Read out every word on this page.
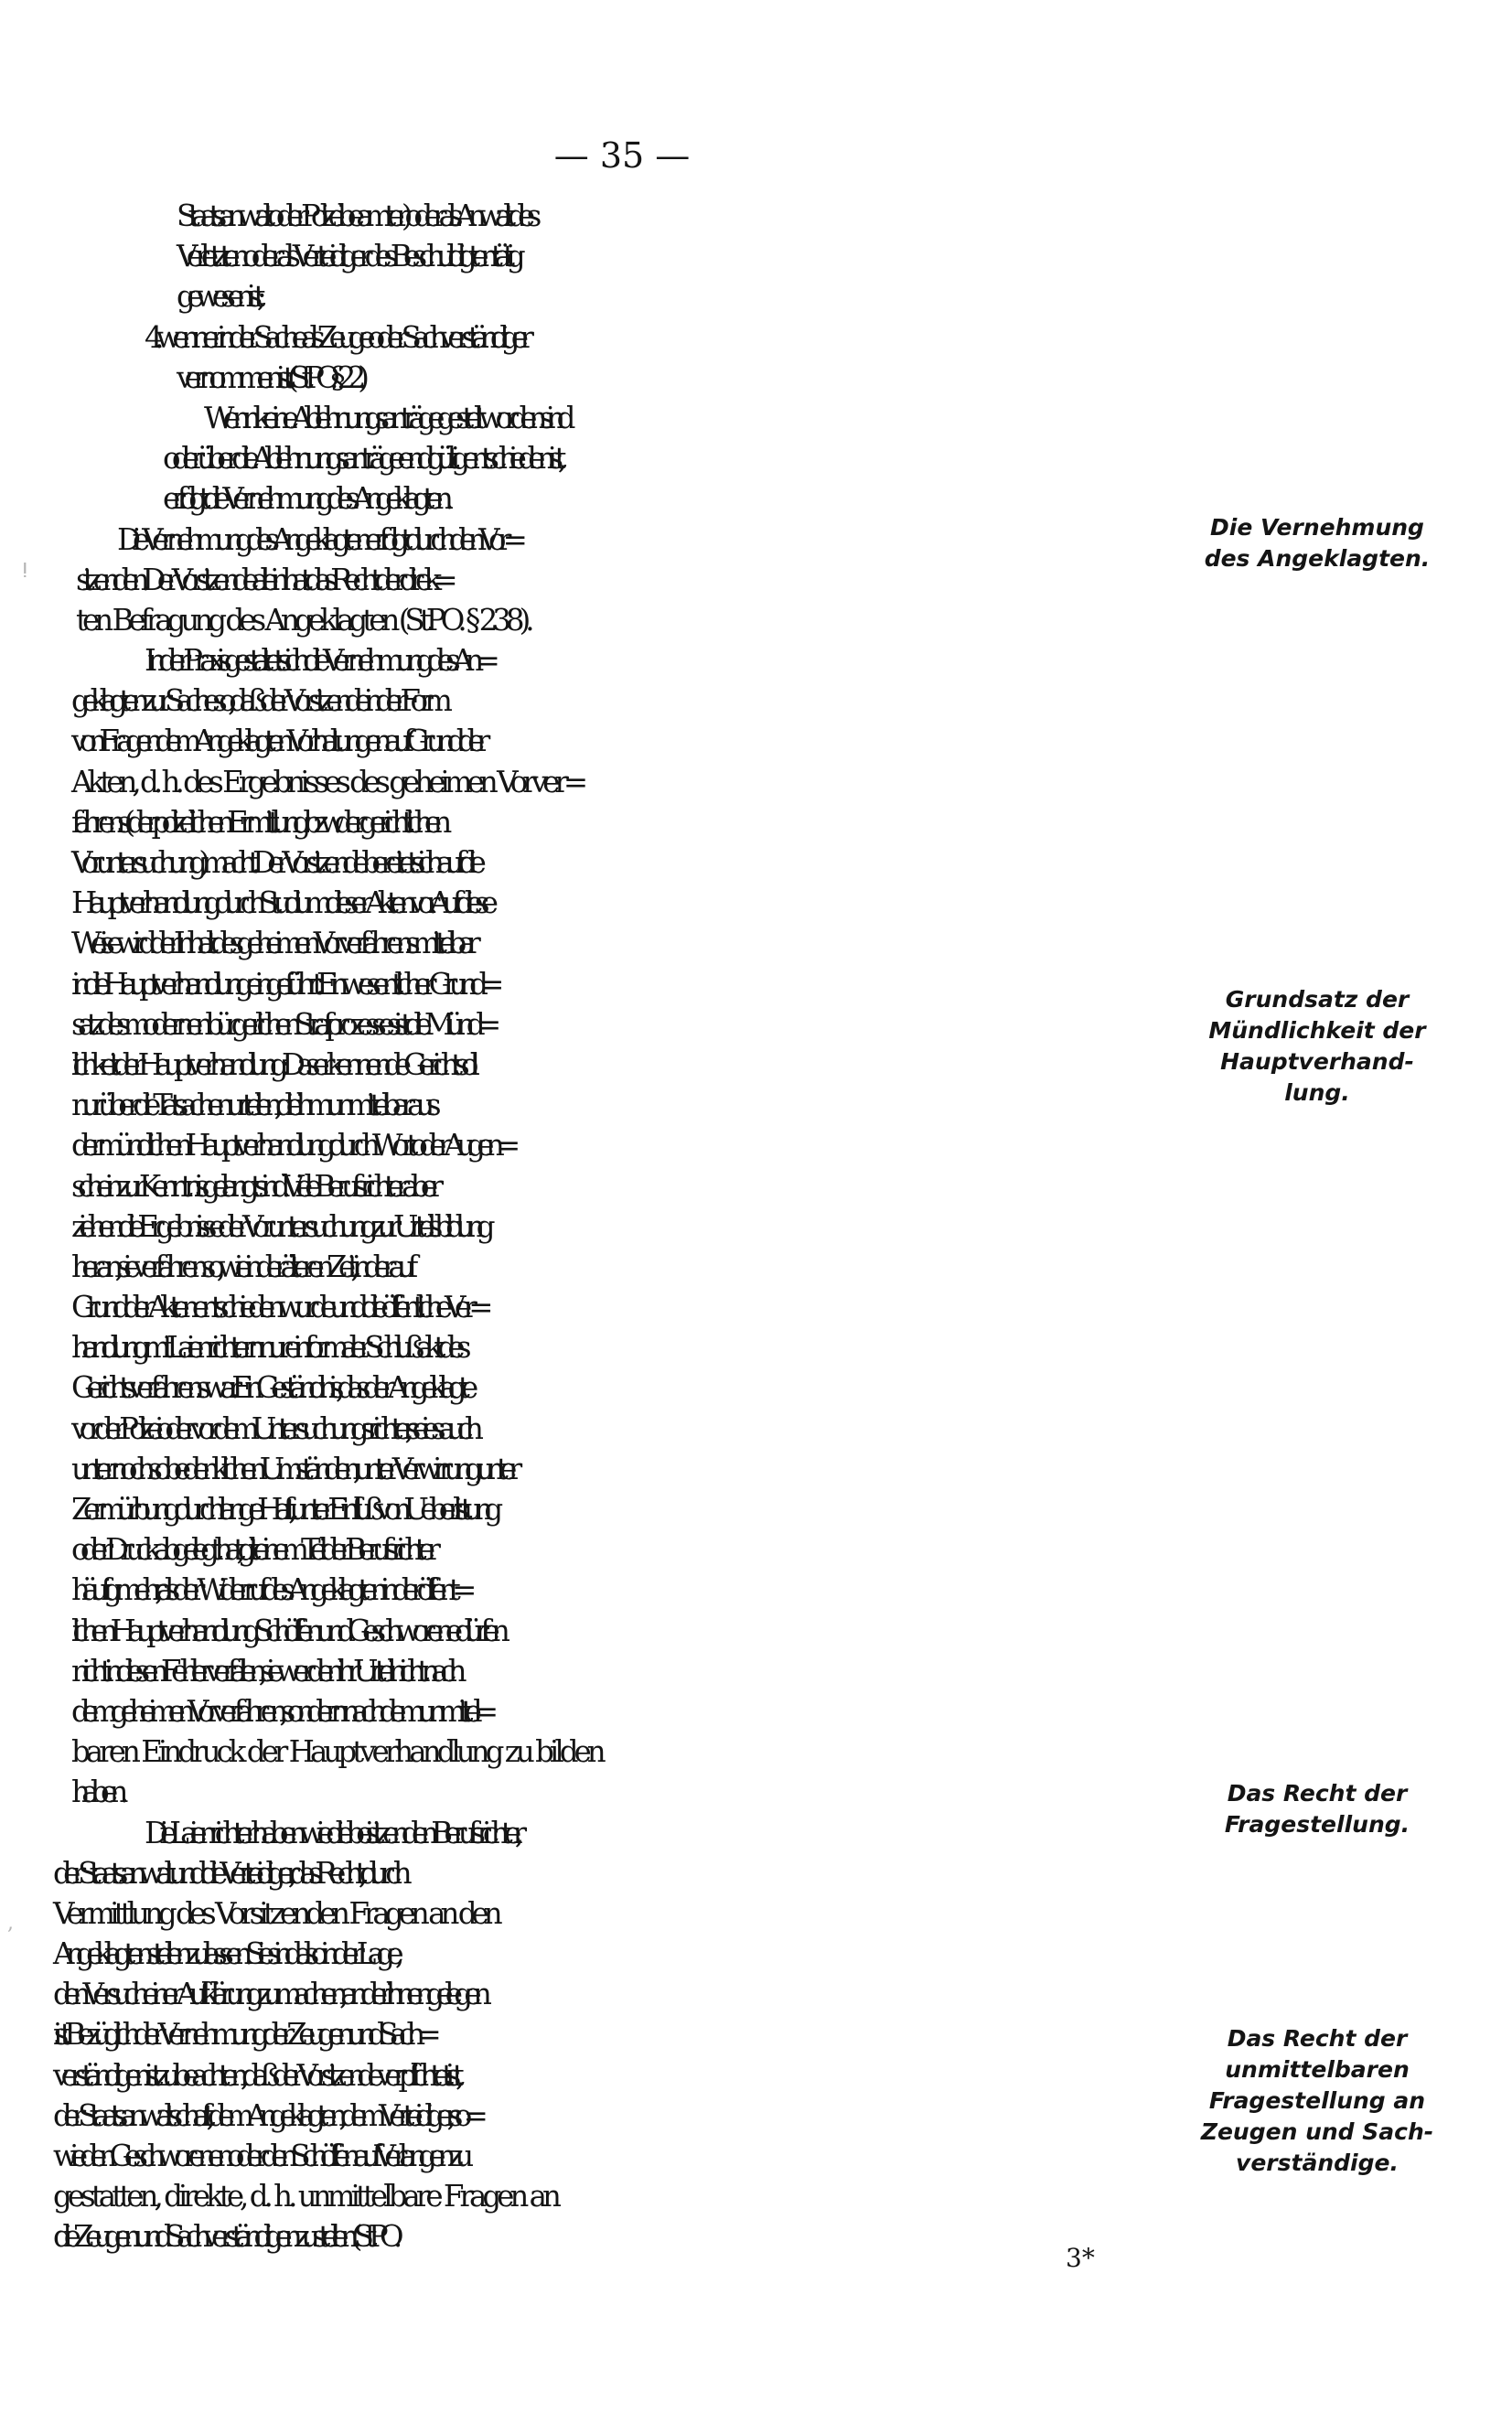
— 35 —
Staatsanwalt oder Polizeibeamter) oder als Anwalt des
Verletzten oder als Verteidiger des Beschuldigten tätig
gewesen ist;
4. wenn er in der Sache als Zeuge oder Sachverständiger
vernommen ist. (StPO. § 22.)
Wenn keine Ablehnungsanträge gestellt worden sind
oder über die Ablehnungsanträge endgültig entschieden ist,
erfolgt die Vernehmung des Angeklagten.
Die Vernehmung des Angeklagten erfolgt durch den Vor=
sitzenden. Der Vorsitzende allein hat das Recht der direk=
ten Befragung des Angeklagten (StPO. § 238).
In der Praxis gestaltet sich die Vernehmung des An=
geklagten zur Sache so, daß der Vorsitzende in der Form
von Fragen dem Angeklagten Vorhaltungen auf Grund der
Akten, d. h. des Ergebnisses des geheimen Vorver=
fahrens (der polizeilichen Ermittlung bzw. der gerichtlichen
Voruntersuchung) macht. Der Vorsitzende bereitet sich auf die
Hauptverhandlung durch Studium dieser Akten vor. Auf diese
Weise wird der Inhalt des geheimen Vorverfahrens mittelbar
in die Hauptverhandlung eingeführt. Ein wesentlicher Grund=
satz des modernen bürgerlichen Strafprozesses ist die Münd=
lichkeit der Hauptverhandlung: Das erkennende Gericht soll
nur über die Tatsachen urteilen, die ihm unmittelbar aus
der mündlichen Hauptverhandlung durch Wort oder Augen=
schein zur Kenntnis gelangt sind. Viele Berufsrichter aber
ziehen die Ergebnisse der Voruntersuchung zur Urteilsbildung
heran; sie verfahren so, wie in der älteren Zeit, in der auf
Grund der Akten entschieden wurde und die öffentliche Ver=
handlung mit Laienrichtern nur ein formaler Schlußakt des
Gerichtsverfahrens war. Ein Geständnis, das der Angeklagte
vor der Polizei oder vor dem Untersuchungsrichter, sei es auch
unter noch so bedenklichen Umständen, unter Verwirrung, unter
Zermürbung durch lange Haft, unter Einfluß von Ueberlistung
oder Druck abgelegt hat, gilt einem Teil der Berufsrichter
häufig mehr, als der Widerruf des Angeklagten in der öffent=
lichen Hauptverhandlung. Schöffen und Geschworene dürfen
nicht in diesen Fehler verfallen, sie werden ihr Urteil nicht nach
dem geheimen Vorverfahren, sondern nach dem unmittel=
baren Eindruck der Hauptverhandlung zu bilden
haben.
Die Laienrichter haben wie die beisitzenden Berufsrichter,
der Staatsanwalt und die Verteidiger, das Recht, durch
Vermittlung des Vorsitzenden Fragen an den
Angeklagten stellen zu lassen. Sie sind also in der Lage,
den Versuch einer Aufklärung zu machen, an der ihnen gelegen
ist. Bezüglich der Vernehmung der Zeugen und Sach=
verständigen ist zu beachten, daß der Vorsitzende verpflichtet ist,
der Staatsanwaltschaft, dem Angeklagten, dem Verteidiger, so=
wie den Geschworenen oder den Schöffen auf Verlangen zu
gestatten, direkte, d. h. unmittelbare Fragen an
die Zeugen und Sachverständigen zu stellen (StPO.
Die Vernehmung
des Angeklagten.
Grundsatz der
Mündlichkeit der
Hauptverhand-
lung.
Das Recht der
Fragestellung.
Das Recht der
unmittelbaren
Fragestellung an
Zeugen und Sach-
verständige.
3*
ⵑ
,
